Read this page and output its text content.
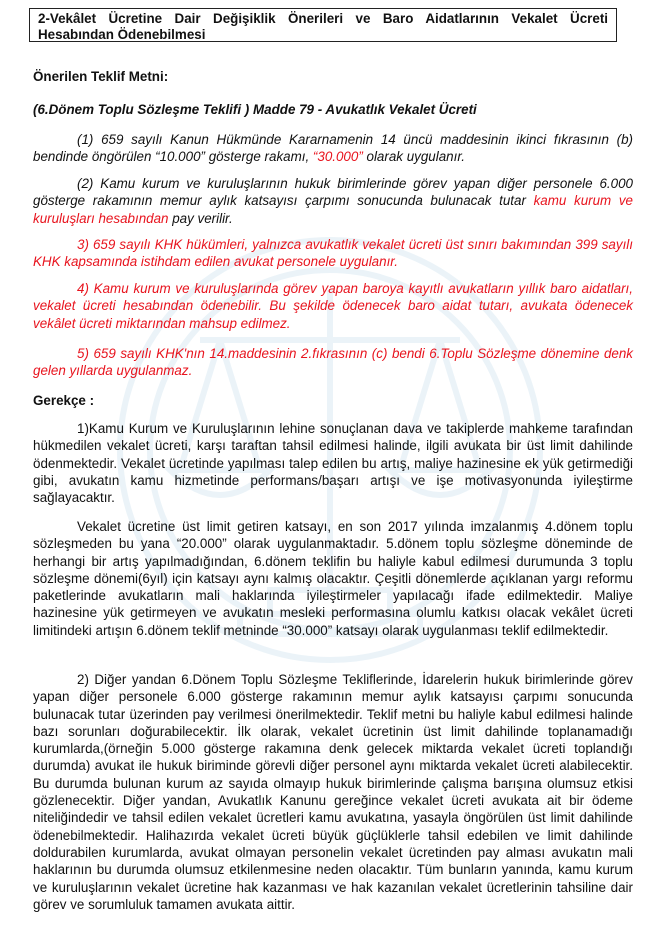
2-Vekâlet Ücretine Dair Değişiklik Önerileri ve Baro Aidatlarının Vekalet Ücreti Hesabından Ödenebilmesi
Önerilen Teklif Metni:
(6.Dönem Toplu Sözleşme Teklifi ) Madde 79 - Avukatlık Vekalet Ücreti
(1) 659 sayılı Kanun Hükmünde Kararnamenin 14 üncü maddesinin ikinci fıkrasının (b) bendinde öngörülen “10.000” gösterge rakamı, “30.000” olarak uygulanır.
(2) Kamu kurum ve kuruluşlarının hukuk birimlerinde görev yapan diğer personele 6.000 gösterge rakamının memur aylık katsayısı çarpımı sonucunda bulunacak tutar kamu kurum ve kuruluşları hesabından pay verilir.
3) 659 sayılı KHK hükümleri, yalnızca avukatlık vekalet ücreti üst sınırı bakımından 399 sayılı KHK kapsamında istihdam edilen avukat personele uygulanır.
4) Kamu kurum ve kuruluşlarında görev yapan baroya kayıtlı avukatların yıllık baro aidatları, vekalet ücreti hesabından ödenebilir. Bu şekilde ödenecek baro aidat tutarı, avukata ödenecek vekâlet ücreti miktarından mahsup edilmez.
5) 659 sayılı KHK'nın 14.maddesinin 2.fıkrasının (c) bendi 6.Toplu Sözleşme dönemine denk gelen yıllarda uygulanmaz.
Gerekçe :
1)Kamu Kurum ve Kuruluşlarının lehine sonuçlanan dava ve takiplerde mahkeme tarafından hükmedilen vekalet ücreti, karşı taraftan tahsil edilmesi halinde, ilgili avukata bir üst limit dahilinde ödenmektedir. Vekalet ücretinde yapılması talep edilen bu artış, maliye hazinesine ek yük getirmediği gibi, avukatın kamu hizmetinde performans/başarı artışı ve işe motivasyonunda iyileştirme sağlayacaktır.
Vekalet ücretine üst limit getiren katsayı, en son 2017 yılında imzalanmış 4.dönem toplu sözleşmeden bu yana “20.000” olarak uygulanmaktadır. 5.dönem toplu sözleşme döneminde de herhangi bir artış yapılmadığından, 6.dönem teklifin bu haliyle kabul edilmesi durumunda 3 toplu sözleşme dönemi(6yıl) için katsayı aynı kalmış olacaktır. Çeşitli dönemlerde açıklanan yargı reformu paketlerinde avukatların mali haklarında iyileştirmeler yapılacağı ifade edilmektedir. Maliye hazinesine yük getirmeyen ve avukatın mesleki performasına olumlu katkısı olacak vekâlet ücreti limitindeki artışın 6.dönem teklif metninde “30.000” katsayı olarak uygulanması teklif edilmektedir.
2) Diğer yandan 6.Dönem Toplu Sözleşme Tekliflerinde, İdarelerin hukuk birimlerinde görev yapan diğer personele 6.000 gösterge rakamının memur aylık katsayısı çarpımı sonucunda bulunacak tutar üzerinden pay verilmesi önerilmektedir. Teklif metni bu haliyle kabul edilmesi halinde bazı sorunları doğurabilecektir. İlk olarak, vekalet ücretinin üst limit dahilinde toplanamadığı kurumlarda,(örneğin 5.000 gösterge rakamına denk gelecek miktarda vekalet ücreti toplandığı durumda) avukat ile hukuk biriminde görevli diğer personel aynı miktarda vekalet ücreti alabilecektir. Bu durumda bulunan kurum az sayıda olmayıp hukuk birimlerinde çalışma barışına olumsuz etkisi gözlenecektir. Diğer yandan, Avukatlık Kanunu gereğince vekalet ücreti avukata ait bir ödeme niteliğindedir ve tahsil edilen vekalet ücretleri kamu avukatına, yasayla öngörülen üst limit dahilinde ödenebilmektedir. Halihazırda vekalet ücreti büyük güçlüklerle tahsil edebilen ve limit dahilinde doldurabilen kurumlarda, avukat olmayan personelin vekalet ücretinden pay alması avukatın mali haklarının bu durumda olumsuz etkilenmesine neden olacaktır. Tüm bunların yanında, kamu kurum ve kuruluşlarının vekalet ücretine hak kazanması ve hak kazanılan vekalet ücretlerinin tahsiline dair görev ve sorumluluk tamamen avukata aittir.
